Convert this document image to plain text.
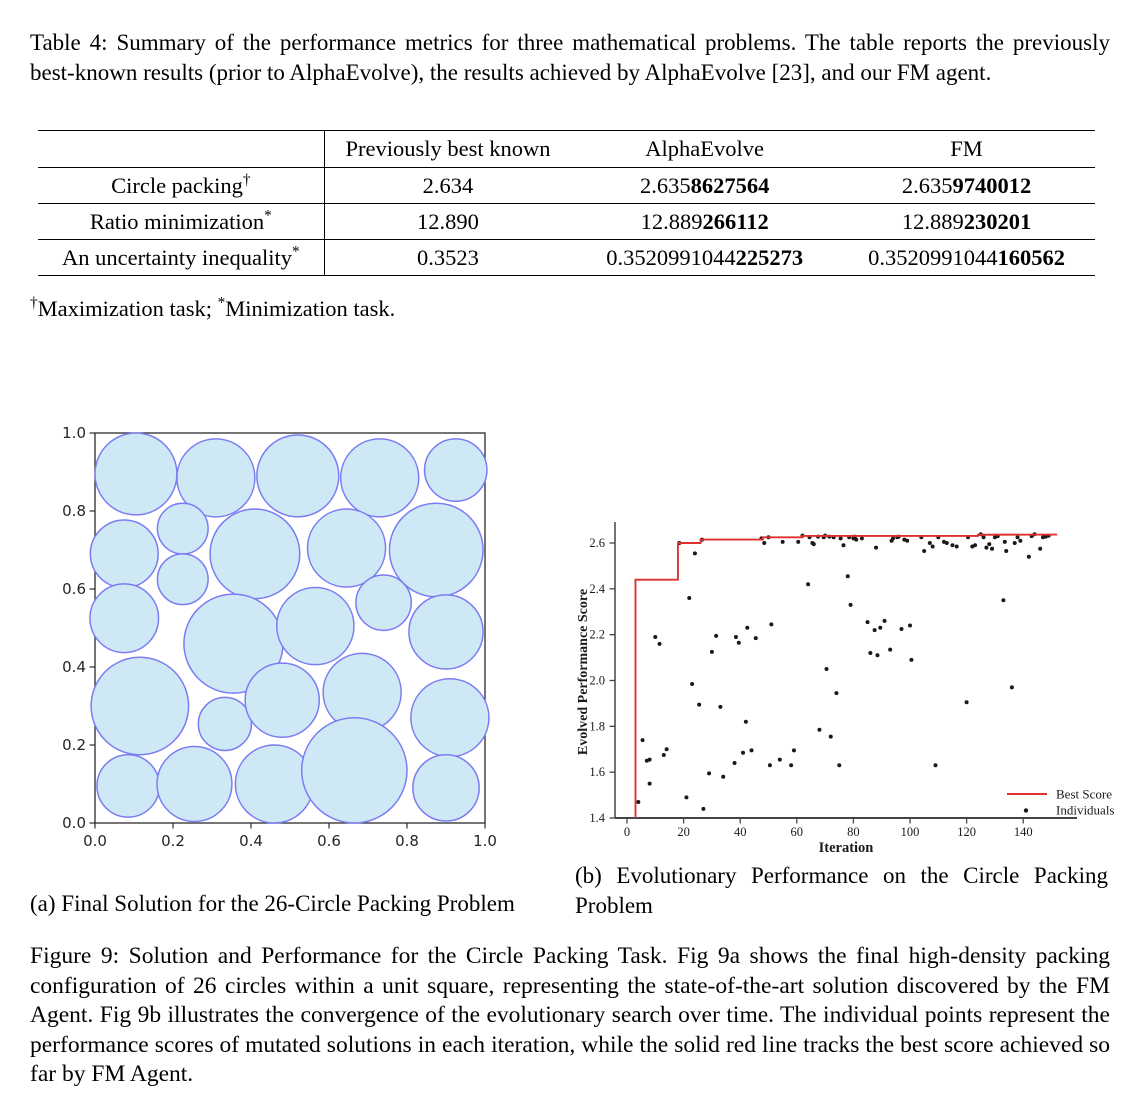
Table 4: Summary of the performance metrics for three mathematical problems. The table reports the previously best-known results (prior to AlphaEvolve), the results achieved by AlphaEvolve [23], and our FM agent.
	Previously best known	AlphaEvolve	FM
Circle packing†	2.634	2.6358627564	2.6359740012
Ratio minimization*	12.890	12.889266112	12.889230201
An uncertainty inequality*	0.3523	0.3520991044225273	0.3520991044160562
†Maximization task; *Minimization task.
0.0	0.2	0.4	0.6	0.8	1.0
0.0
0.2
0.4
0.6
0.8
1.0
0	20	40	60	80	100	120	140
1.4
1.6
1.8
2.0
2.2
2.4
2.6
Best Score
Individuals
Iteration
Evolved Performance Score
(b) Evolutionary Performance on the Circle Packing Problem
(a) Final Solution for the 26-Circle Packing Problem
Figure 9: Solution and Performance for the Circle Packing Task. Fig 9a shows the final high-density packing configuration of 26 circles within a unit square, representing the state-of-the-art solution discovered by the FM Agent. Fig 9b illustrates the convergence of the evolutionary search over time. The individual points represent the performance scores of mutated solutions in each iteration, while the solid red line tracks the best score achieved so far by FM Agent.
